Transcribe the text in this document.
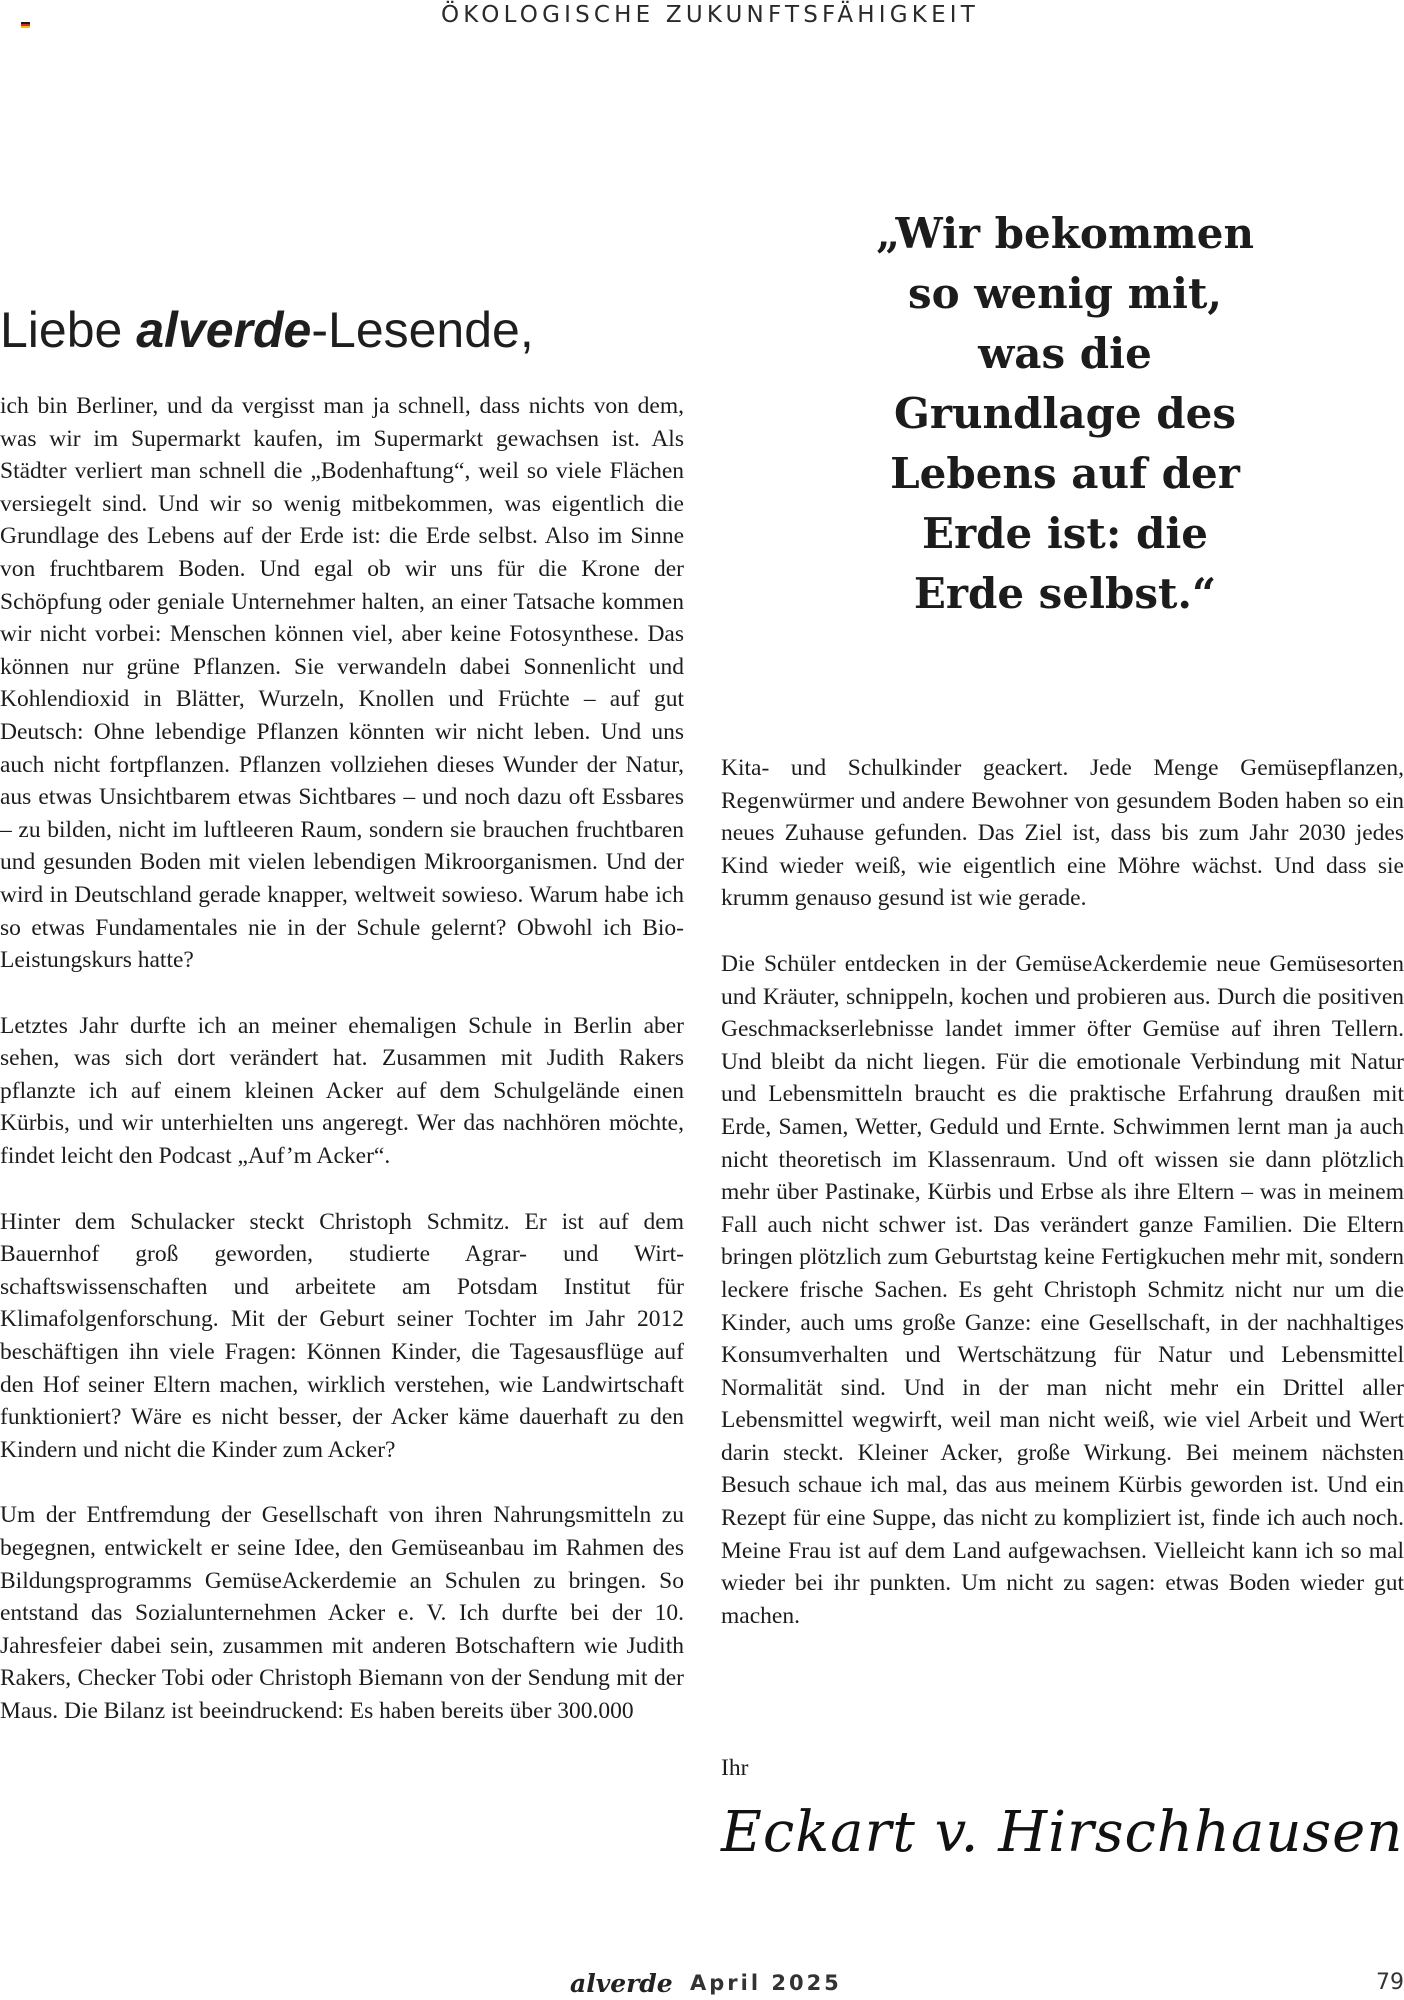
ÖKOLOGISCHE ZUKUNFTSFÄHIGKEIT
Liebe alverde-Lesende,

„Wir bekommen so wenig mit, was die Grundlage des Lebens auf der Erde ist: die Erde selbst.“

ich bin Berliner, und da vergisst man ja schnell, dass nichts von dem, was wir im Supermarkt kaufen, im Supermarkt gewachsen ist. Als Städter verliert man schnell die „Bodenhaftung“, weil so viele Flächen versiegelt sind. Und wir so wenig mitbekommen, was eigentlich die Grundlage des Lebens auf der Erde ist: die Erde selbst. Also im Sinne von fruchtbarem Boden. Und egal ob wir uns für die Krone der Schöpfung oder geniale Unternehmer halten, an einer Tatsache kommen wir nicht vorbei: Menschen können viel, aber keine Fotosynthese. Das können nur grüne Pflanzen. Sie verwandeln dabei Sonnenlicht und Kohlendioxid in Blätter, Wurzeln, Knollen und Früchte – auf gut Deutsch: Ohne lebendige Pflanzen könnten wir nicht leben. Und uns auch nicht fortpflanzen. Pflanzen vollziehen dieses Wunder der Natur, aus etwas Unsichtbarem etwas Sichtbares – und noch dazu oft Essbares – zu bilden, nicht im luftleeren Raum, sondern sie brauchen fruchtbaren und gesunden Boden mit vielen lebendigen Mikroorganismen. Und der wird in Deutschland gerade knapper, weltweit sowieso. Warum habe ich so etwas Fundamentales nie in der Schule gelernt? Obwohl ich Bio-Leistungskurs hatte?

Letztes Jahr durfte ich an meiner ehemaligen Schule in Berlin aber sehen, was sich dort verändert hat. Zusammen mit Judith Rakers pflanzte ich auf einem kleinen Acker auf dem Schulgelände einen Kürbis, und wir unterhielten uns angeregt. Wer das nachhören möchte, findet leicht den Podcast „Auf’m Acker“.

Hinter dem Schulacker steckt Christoph Schmitz. Er ist auf dem Bauernhof groß geworden, studierte Agrar- und Wirtschaftswissenschaften und arbeitete am Potsdam Institut für Klimafolgenforschung. Mit der Geburt seiner Tochter im Jahr 2012 beschäftigen ihn viele Fragen: Können Kinder, die Tagesausflüge auf den Hof seiner Eltern machen, wirklich verstehen, wie Landwirtschaft funktioniert? Wäre es nicht besser, der Acker käme dauerhaft zu den Kindern und nicht die Kinder zum Acker?

Um der Entfremdung der Gesellschaft von ihren Nahrungsmitteln zu begegnen, entwickelt er seine Idee, den Gemüseanbau im Rahmen des Bildungsprogramms GemüseAckerdemie an Schulen zu bringen. So entstand das Sozialunternehmen Acker e. V. Ich durfte bei der 10. Jahresfeier dabei sein, zusammen mit anderen Botschaftern wie Judith Rakers, Checker Tobi oder Christoph Biemann von der Sendung mit der Maus. Die Bilanz ist beeindruckend: Es haben bereits über 300.000

Kita- und Schulkinder geackert. Jede Menge Gemüsepflanzen, Regenwürmer und andere Bewohner von gesundem Boden haben so ein neues Zuhause gefunden. Das Ziel ist, dass bis zum Jahr 2030 jedes Kind wieder weiß, wie eigentlich eine Möhre wächst. Und dass sie krumm genauso gesund ist wie gerade.

Die Schüler entdecken in der GemüseAckerdemie neue Gemüsesorten und Kräuter, schnippeln, kochen und probieren aus. Durch die positiven Geschmackserlebnisse landet immer öfter Gemüse auf ihren Tellern. Und bleibt da nicht liegen. Für die emotionale Verbindung mit Natur und Lebensmitteln braucht es die praktische Erfahrung draußen mit Erde, Samen, Wetter, Geduld und Ernte. Schwimmen lernt man ja auch nicht theoretisch im Klassenraum. Und oft wissen sie dann plötzlich mehr über Pastinake, Kürbis und Erbse als ihre Eltern – was in meinem Fall auch nicht schwer ist. Das verändert ganze Familien. Die Eltern bringen plötzlich zum Geburtstag keine Fertigkuchen mehr mit, sondern leckere frische Sachen. Es geht Christoph Schmitz nicht nur um die Kinder, auch ums große Ganze: eine Gesellschaft, in der nachhaltiges Konsumverhalten und Wertschätzung für Natur und Lebensmittel Normalität sind. Und in der man nicht mehr ein Drittel aller Lebensmittel wegwirft, weil man nicht weiß, wie viel Arbeit und Wert darin steckt. Kleiner Acker, große Wirkung. Bei meinem nächsten Besuch schaue ich mal, das aus meinem Kürbis geworden ist. Und ein Rezept für eine Suppe, das nicht zu kompliziert ist, finde ich auch noch. Meine Frau ist auf dem Land aufgewachsen. Vielleicht kann ich so mal wieder bei ihr punkten. Um nicht zu sagen: etwas Boden wieder gut machen.

Ihr

Eckart v. Hirschhausen
alverde April 2025	79
